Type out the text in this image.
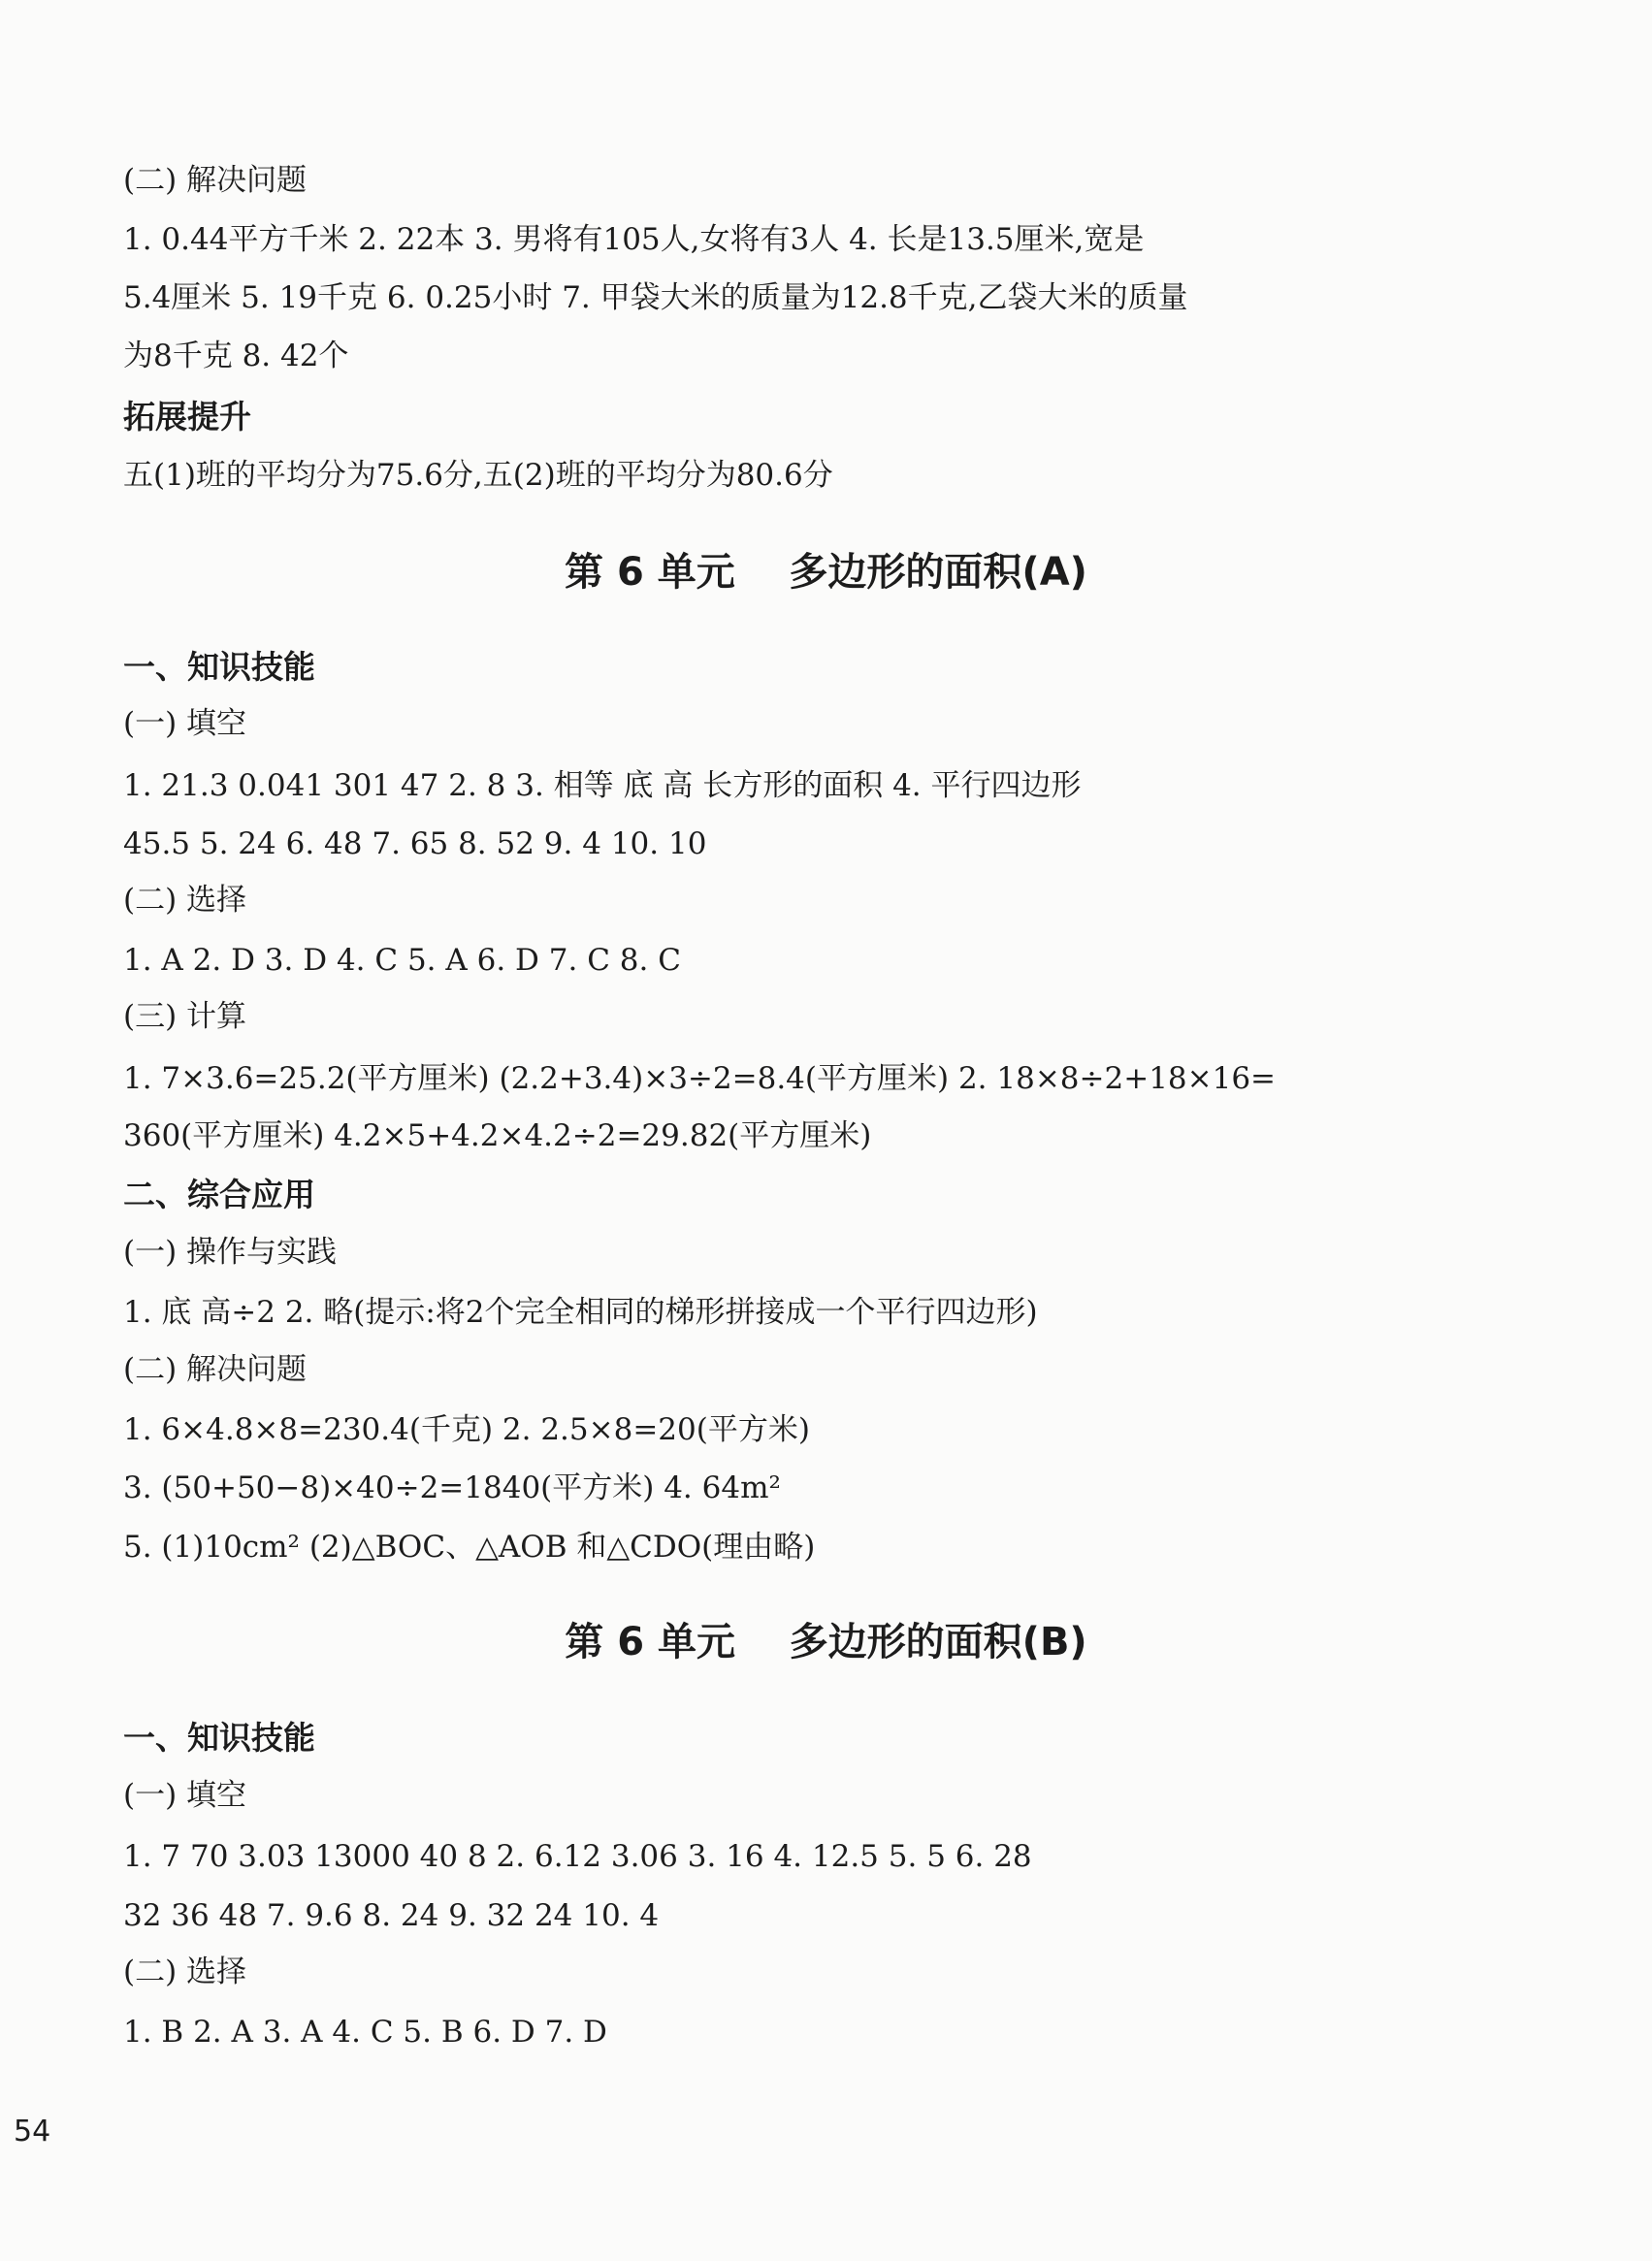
(二) 解决问题
1. 0.44平方千米 2. 22本 3. 男将有105人,女将有3人 4. 长是13.5厘米,宽是
5.4厘米 5. 19千克 6. 0.25小时 7. 甲袋大米的质量为12.8千克,乙袋大米的质量
为8千克 8. 42个
拓展提升
五(1)班的平均分为75.6分,五(2)班的平均分为80.6分
第 6 单元    多边形的面积(A)
一、知识技能
(一) 填空
1. 21.3 0.041 301 47 2. 8 3. 相等 底 高 长方形的面积 4. 平行四边形
45.5 5. 24 6. 48 7. 65 8. 52 9. 4 10. 10
(二) 选择
1. A 2. D 3. D 4. C 5. A 6. D 7. C 8. C
(三) 计算
1. 7×3.6=25.2(平方厘米) (2.2+3.4)×3÷2=8.4(平方厘米) 2. 18×8÷2+18×16=
360(平方厘米) 4.2×5+4.2×4.2÷2=29.82(平方厘米)
二、综合应用
(一) 操作与实践
1. 底 高÷2 2. 略(提示:将2个完全相同的梯形拼接成一个平行四边形)
(二) 解决问题
1. 6×4.8×8=230.4(千克) 2. 2.5×8=20(平方米)
3. (50+50−8)×40÷2=1840(平方米) 4. 64m²
5. (1)10cm² (2)△BOC、△AOB 和△CDO(理由略)
第 6 单元    多边形的面积(B)
一、知识技能
(一) 填空
1. 7 70 3.03 13000 40 8 2. 6.12 3.06 3. 16 4. 12.5 5. 5 6. 28
32 36 48 7. 9.6 8. 24 9. 32 24 10. 4
(二) 选择
1. B 2. A 3. A 4. C 5. B 6. D 7. D
54
